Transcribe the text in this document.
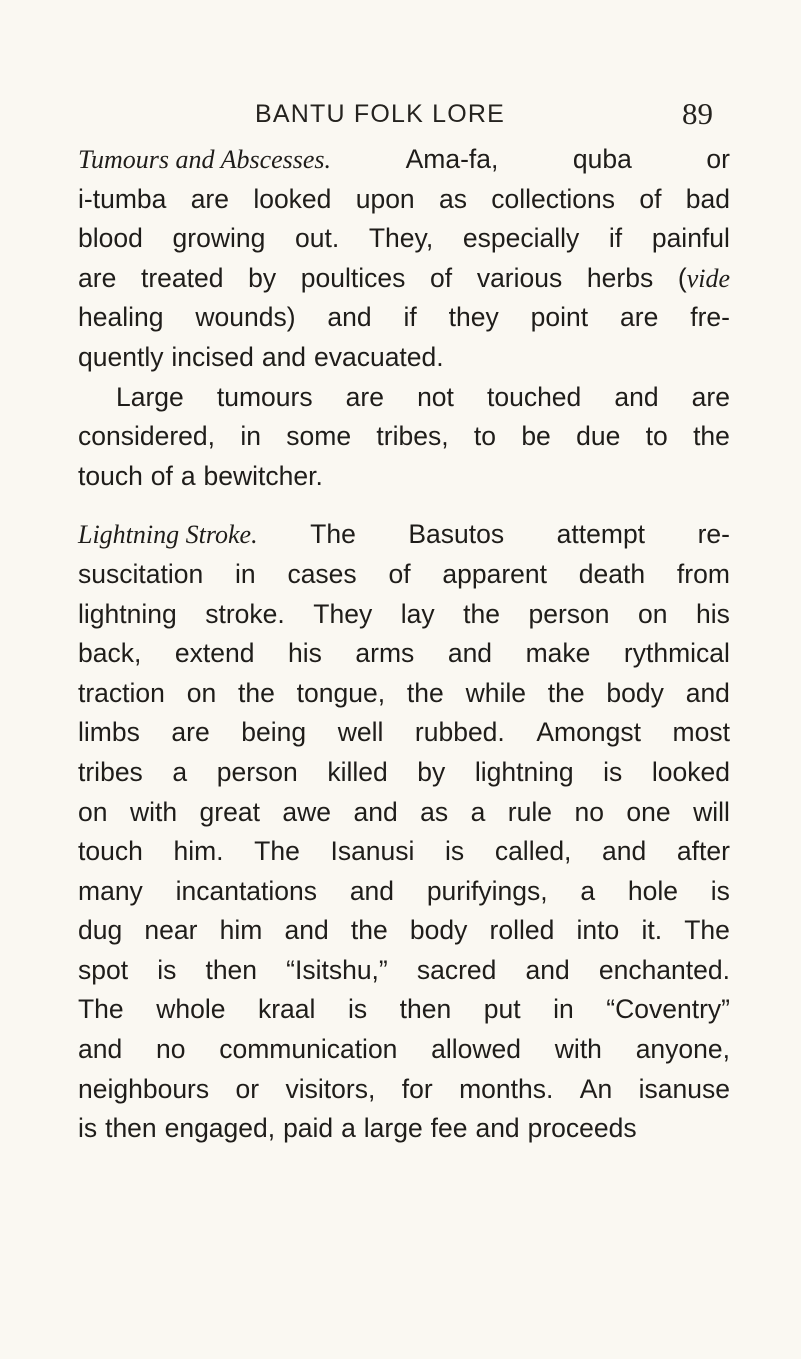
BANTU FOLK LORE	89
Tumours and Abscesses.	Ama-fa,	quba	or
i-tumba are looked upon as collections of bad
blood growing out. They, especially if painful
are treated by poultices of various herbs (vide
healing wounds) and if they point are fre-
quently incised and evacuated.
Large tumours are not touched and are
considered, in some tribes, to be due to the
touch of a bewitcher.
Lightning Stroke. The Basutos attempt re-
suscitation in cases of apparent death from
lightning stroke. They lay the person on his
back, extend his arms and make rythmical
traction on the tongue, the while the body and
limbs are being well rubbed. Amongst most
tribes a person killed by lightning is looked
on with great awe and as a rule no one will
touch him. The Isanusi is called, and after
many incantations and purifyings, a hole is
dug near him and the body rolled into it. The
spot is then “Isitshu,” sacred and enchanted.
The whole kraal is then put in “Coventry”
and no communication allowed with anyone,
neighbours or visitors, for months. An isanuse
is then engaged, paid a large fee and proceeds
